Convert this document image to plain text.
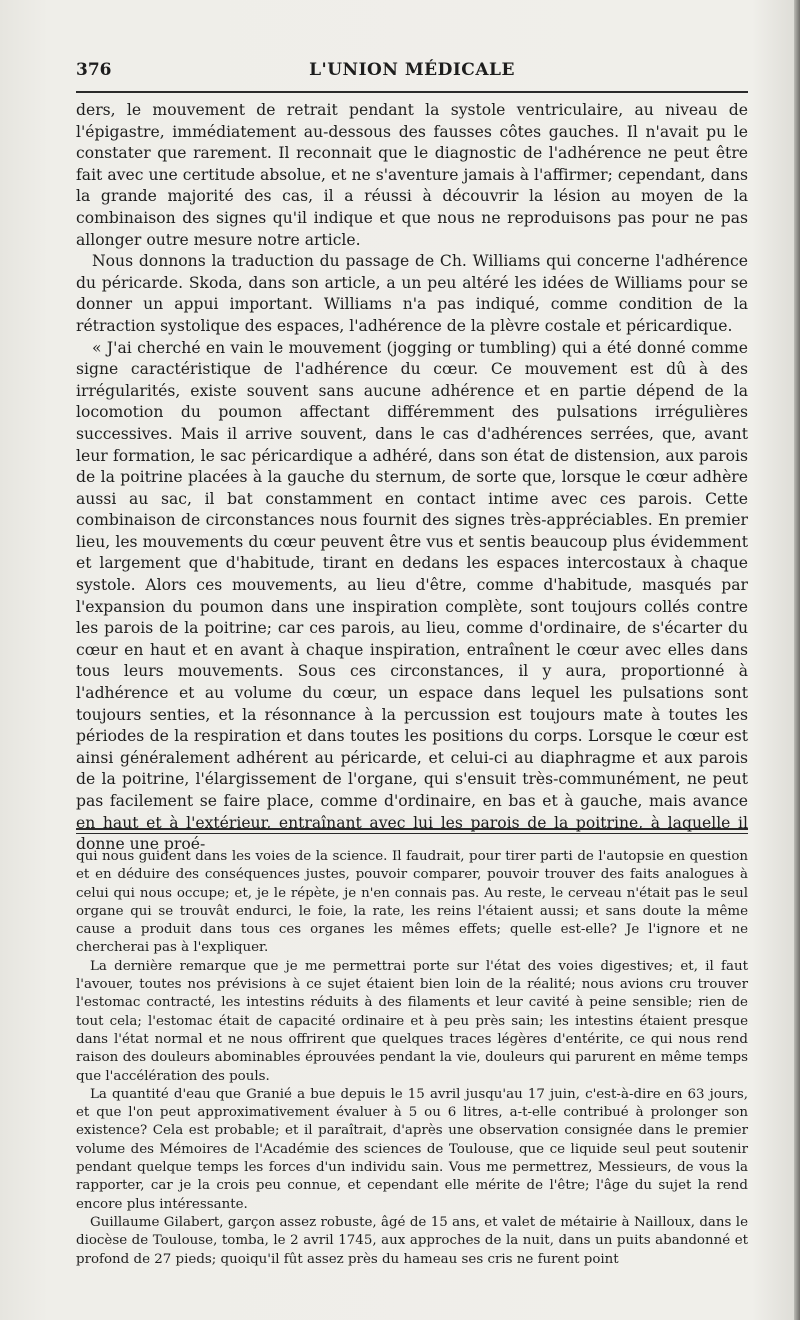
376	L'UNION MÉDICALE

ders, le mouvement de retrait pendant la systole ventriculaire, au niveau de l'épigastre, immédiatement au-dessous des fausses côtes gauches. Il n'avait pu le constater que rarement. Il reconnait que le diagnostic de l'adhérence ne peut être fait avec une certitude absolue, et ne s'aventure jamais à l'affirmer; cependant, dans la grande majorité des cas, il a réussi à découvrir la lésion au moyen de la combinaison des signes qu'il indique et que nous ne reproduisons pas pour ne pas allonger outre mesure notre article.

Nous donnons la traduction du passage de Ch. Williams qui concerne l'adhérence du péricarde. Skoda, dans son article, a un peu altéré les idées de Williams pour se donner un appui important. Williams n'a pas indiqué, comme condition de la rétraction systolique des espaces, l'adhérence de la plèvre costale et péricardique.

« J'ai cherché en vain le mouvement (jogging or tumbling) qui a été donné comme signe caractéristique de l'adhérence du cœur. Ce mouvement est dû à des irrégularités, existe souvent sans aucune adhérence et en partie dépend de la locomotion du poumon affectant différemment des pulsations irrégulières successives. Mais il arrive souvent, dans le cas d'adhérences serrées, que, avant leur formation, le sac péricardique a adhéré, dans son état de distension, aux parois de la poitrine placées à la gauche du sternum, de sorte que, lorsque le cœur adhère aussi au sac, il bat constamment en contact intime avec ces parois. Cette combinaison de circonstances nous fournit des signes très-appréciables. En premier lieu, les mouvements du cœur peuvent être vus et sentis beaucoup plus évidemment et largement que d'habitude, tirant en dedans les espaces intercostaux à chaque systole. Alors ces mouvements, au lieu d'être, comme d'habitude, masqués par l'expansion du poumon dans une inspiration complète, sont toujours collés contre les parois de la poitrine; car ces parois, au lieu, comme d'ordinaire, de s'écarter du cœur en haut et en avant à chaque inspiration, entraînent le cœur avec elles dans tous leurs mouvements. Sous ces circonstances, il y aura, proportionné à l'adhérence et au volume du cœur, un espace dans lequel les pulsations sont toujours senties, et la résonnance à la percussion est toujours mate à toutes les périodes de la respiration et dans toutes les positions du corps. Lorsque le cœur est ainsi généralement adhérent au péricarde, et celui-ci au diaphragme et aux parois de la poitrine, l'élargissement de l'organe, qui s'ensuit très-communément, ne peut pas facilement se faire place, comme d'ordinaire, en bas et à gauche, mais avance en haut et à l'extérieur, entraînant avec lui les parois de la poitrine, à laquelle il donne une proé-

qui nous guident dans les voies de la science. Il faudrait, pour tirer parti de l'autopsie en question et en déduire des conséquences justes, pouvoir comparer, pouvoir trouver des faits analogues à celui qui nous occupe; et, je le répète, je n'en connais pas. Au reste, le cerveau n'était pas le seul organe qui se trouvât endurci, le foie, la rate, les reins l'étaient aussi; et sans doute la même cause a produit dans tous ces organes les mêmes effets; quelle est-elle? Je l'ignore et ne chercherai pas à l'expliquer.

La dernière remarque que je me permettrai porte sur l'état des voies digestives; et, il faut l'avouer, toutes nos prévisions à ce sujet étaient bien loin de la réalité; nous avions cru trouver l'estomac contracté, les intestins réduits à des filaments et leur cavité à peine sensible; rien de tout cela; l'estomac était de capacité ordinaire et à peu près sain; les intestins étaient presque dans l'état normal et ne nous offrirent que quelques traces légères d'entérite, ce qui nous rend raison des douleurs abominables éprouvées pendant la vie, douleurs qui parurent en même temps que l'accélération des pouls.

La quantité d'eau que Granié a bue depuis le 15 avril jusqu'au 17 juin, c'est-à-dire en 63 jours, et que l'on peut approximativement évaluer à 5 ou 6 litres, a-t-elle contribué à prolonger son existence? Cela est probable; et il paraîtrait, d'après une observation consignée dans le premier volume des Mémoires de l'Académie des sciences de Toulouse, que ce liquide seul peut soutenir pendant quelque temps les forces d'un individu sain. Vous me permettrez, Messieurs, de vous la rapporter, car je la crois peu connue, et cependant elle mérite de l'être; l'âge du sujet la rend encore plus intéressante.

Guillaume Gilabert, garçon assez robuste, âgé de 15 ans, et valet de métairie à Nailloux, dans le diocèse de Toulouse, tomba, le 2 avril 1745, aux approches de la nuit, dans un puits abandonné et profond de 27 pieds; quoiqu'il fût assez près du hameau ses cris ne furent point
